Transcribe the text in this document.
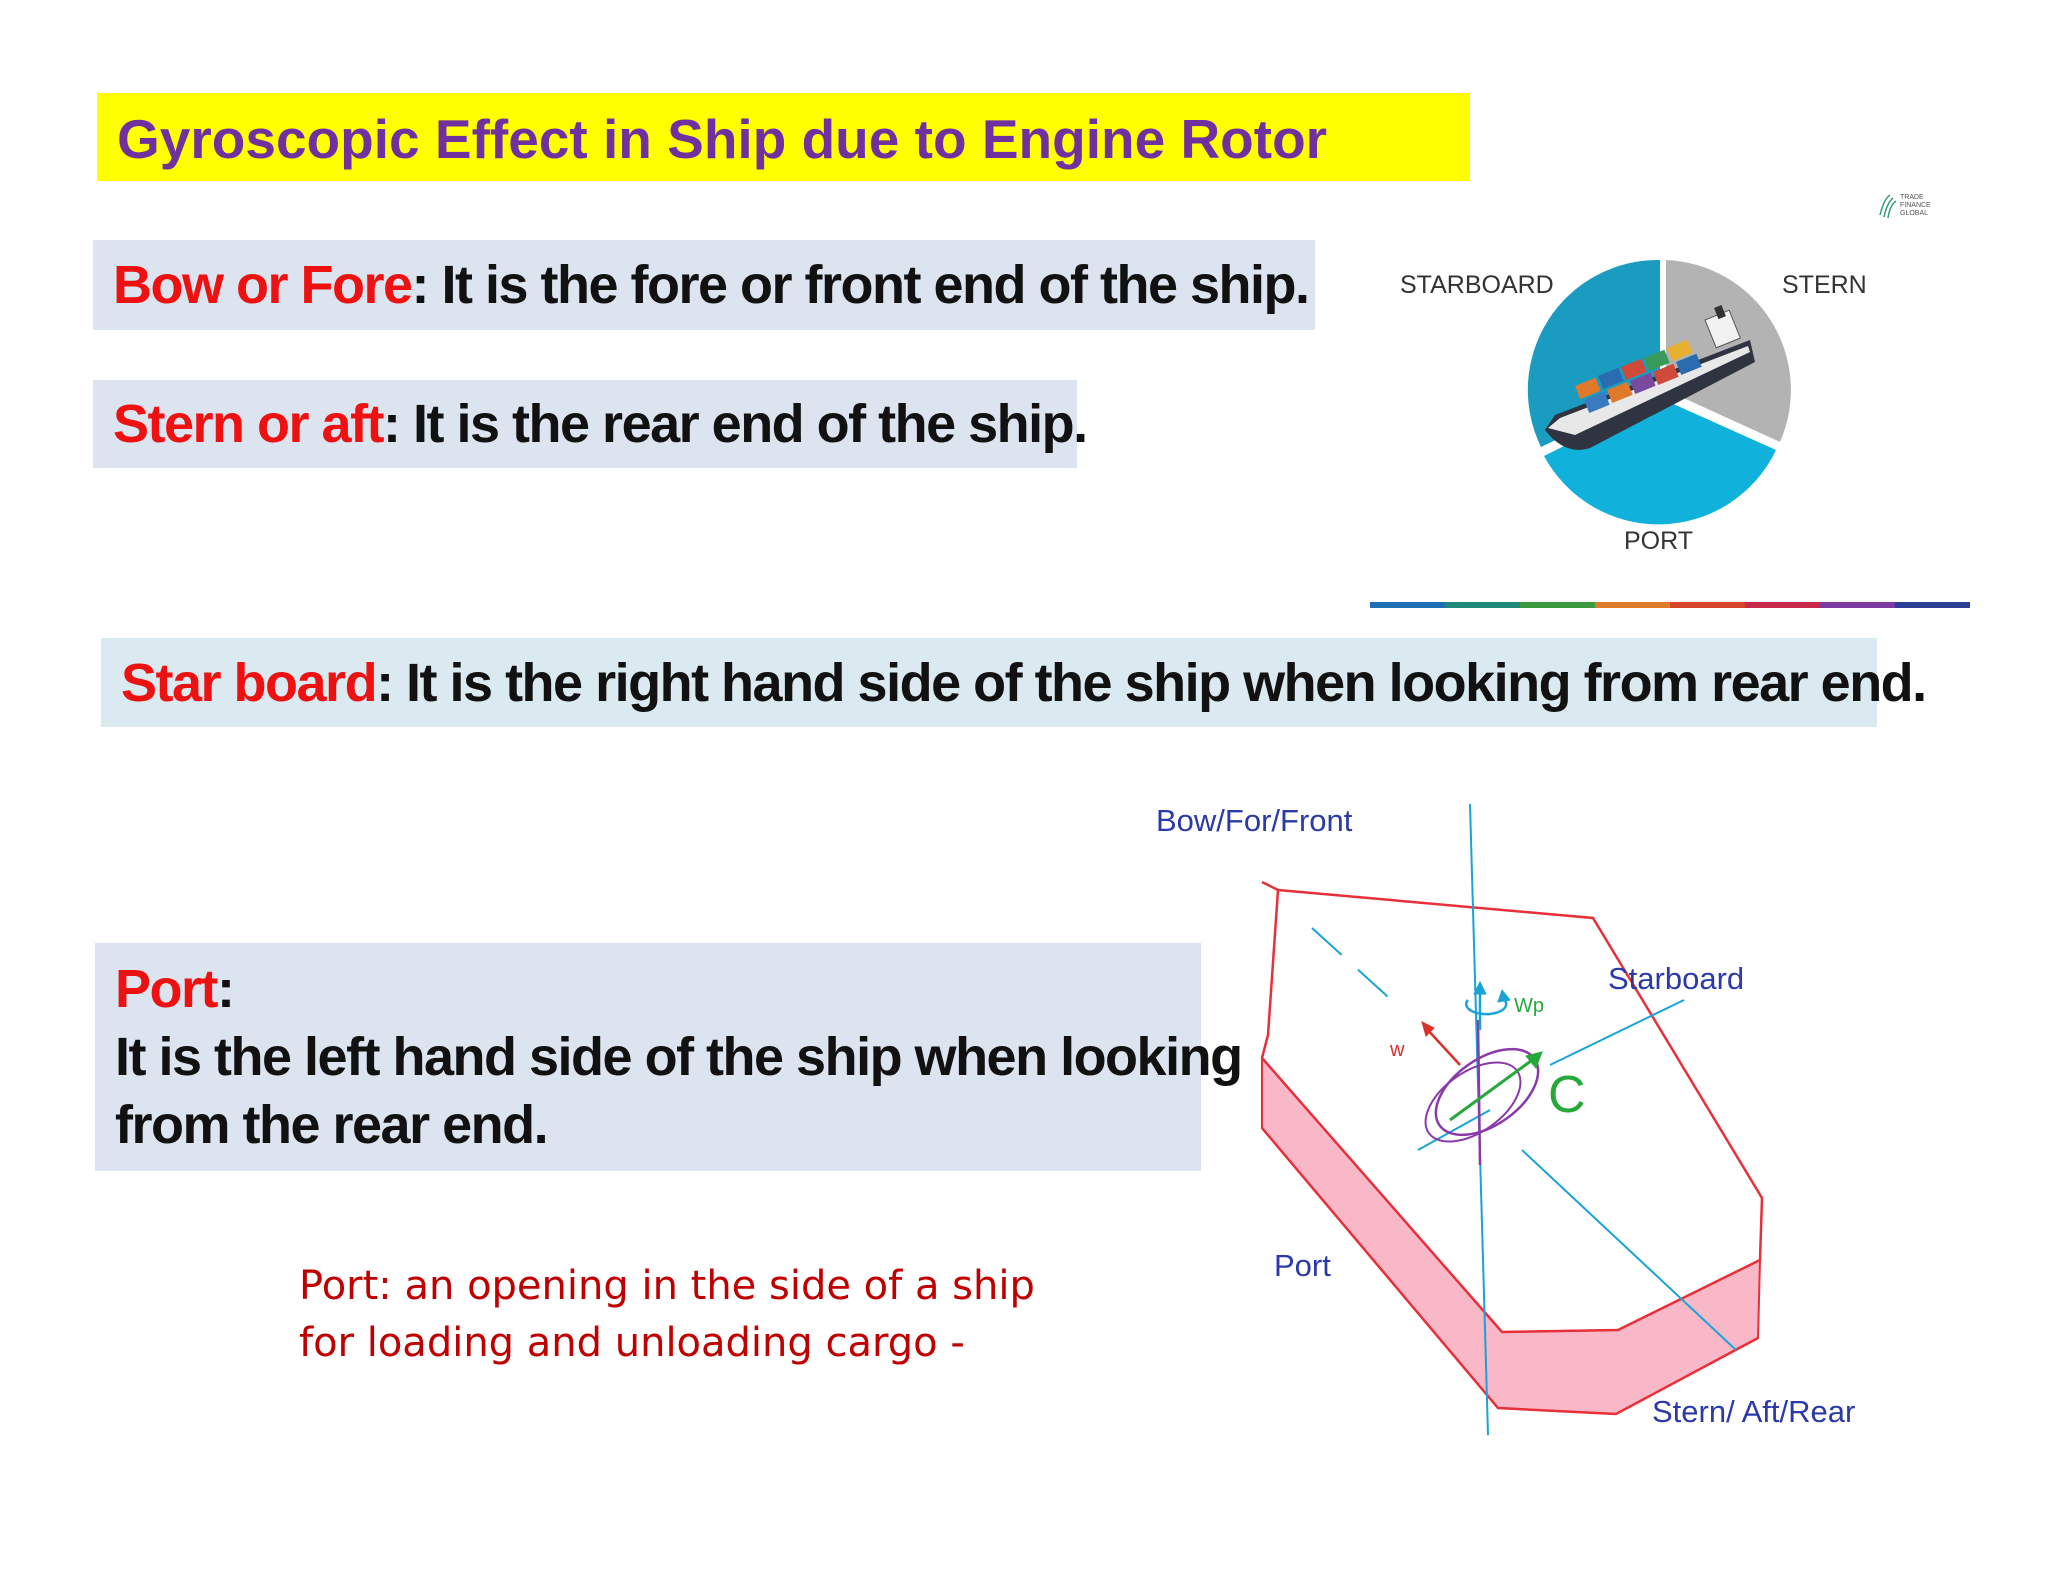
Gyroscopic Effect in Ship due to Engine Rotor
Bow or Fore: It is the fore or front end of the ship.
Stern or aft: It is the rear end of the ship.
Star board: It is the right hand side of the ship when looking from rear end.
Port:
It is the left hand side of the ship when looking
from the rear end.
Port: an opening in the side of a ship
for loading and unloading cargo -
TRADE
FINANCE
GLOBAL
STARBOARD	STERN
PORT
Bow/For/Front
Starboard
Port
Stern/ Aft/Rear
w
Wp
C
